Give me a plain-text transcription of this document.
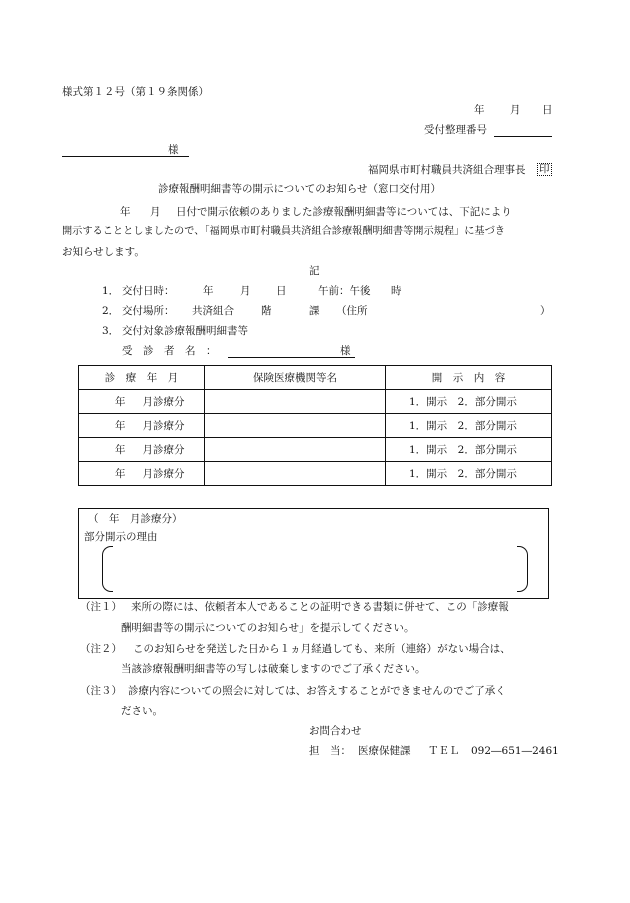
様式第１２号（第１９条関係）
年 月 日
受付整理番号
様
福岡県市町村職員共済組合理事長 印
診療報酬明細書等の開示についてのお知らせ（窓口交付用）
年 月 日付で開示依頼のありました診療報酬明細書等については、下記により
開示することとしましたので、「福岡県市町村職員共済組合診療報酬明細書等開示規程」に基づき
お知らせします。
記
1． 交付日時：	年	月 日	午前：午後 時
2． 交付場所： 共済組合	階	課 （住所	）
3． 交付対象診療報酬明細書等
受　診　者　名　：	様
診　療　年　月	保険医療機関等名	開　示　内　容
年 月診療分		1．開示　2．部分開示
年 月診療分		1．開示　2．部分開示
年 月診療分		1．開示　2．部分開示
年 月診療分		1．開示　2．部分開示
（　年　月診療分）
部分開示の理由
（注１） 来所の際には、依頼者本人であることの証明できる書類に併せて、この「診療報
酬明細書等の開示についてのお知らせ」を提示してください。
（注２） このお知らせを発送した日から１ヵ月経過しても、来所（連絡）がない場合は、
当該診療報酬明細書等の写しは破棄しますのでご了承ください。
（注３） 診療内容についての照会に対しては、お答えすることができませんのでご了承く
ださい。
お問合わせ
担　当： 医療保健課 ＴＥＬ 092―651―2461
